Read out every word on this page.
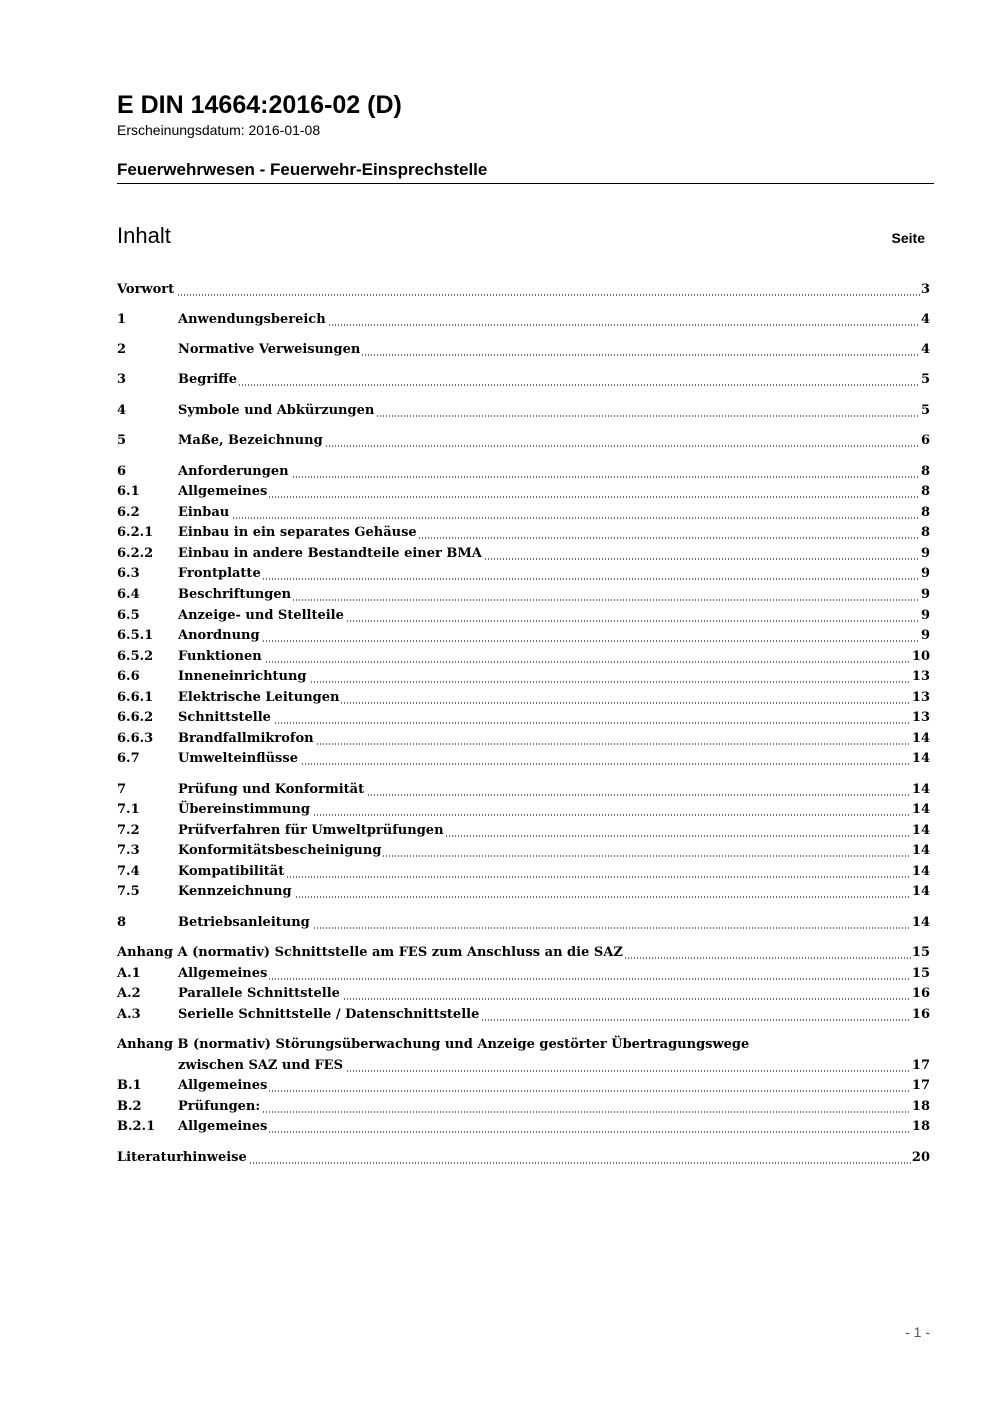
E DIN 14664:2016-02 (D)
Erscheinungsdatum: 2016-01-08
Feuerwehrwesen - Feuerwehr-Einsprechstelle
Inhalt	Seite
Vorwort	3
1	Anwendungsbereich	4
2	Normative Verweisungen	4
3	Begriffe	5
4	Symbole und Abkürzungen	5
5	Maße, Bezeichnung	6
6	Anforderungen	8
6.1	Allgemeines	8
6.2	Einbau	8
6.2.1 Einbau in ein separates Gehäuse	8
6.2.2 Einbau in andere Bestandteile einer BMA	9
6.3	Frontplatte	9
6.4	Beschriftungen	9
6.5	Anzeige- und Stellteile	9
6.5.1 Anordnung	9
6.5.2 Funktionen	10
6.6	Inneneinrichtung	13
6.6.1 Elektrische Leitungen	13
6.6.2 Schnittstelle	13
6.6.3 Brandfallmikrofon	14
6.7	Umwelteinflüsse	14
7	Prüfung und Konformität	14
7.1	Übereinstimmung	14
7.2	Prüfverfahren für Umweltprüfungen	14
7.3	Konformitätsbescheinigung	14
7.4	Kompatibilität	14
7.5	Kennzeichnung	14
8	Betriebsanleitung	14
Anhang A (normativ) Schnittstelle am FES zum Anschluss an die SAZ	15
A.1	Allgemeines	15
A.2	Parallele Schnittstelle	16
A.3	Serielle Schnittstelle / Datenschnittstelle	16
Anhang B (normativ) Störungsüberwachung und Anzeige gestörter Übertragungswege
zwischen SAZ und FES	17
B.1	Allgemeines	17
B.2	Prüfungen:	18
B.2.1 Allgemeines	18
Literaturhinweise	20
- 1 -
